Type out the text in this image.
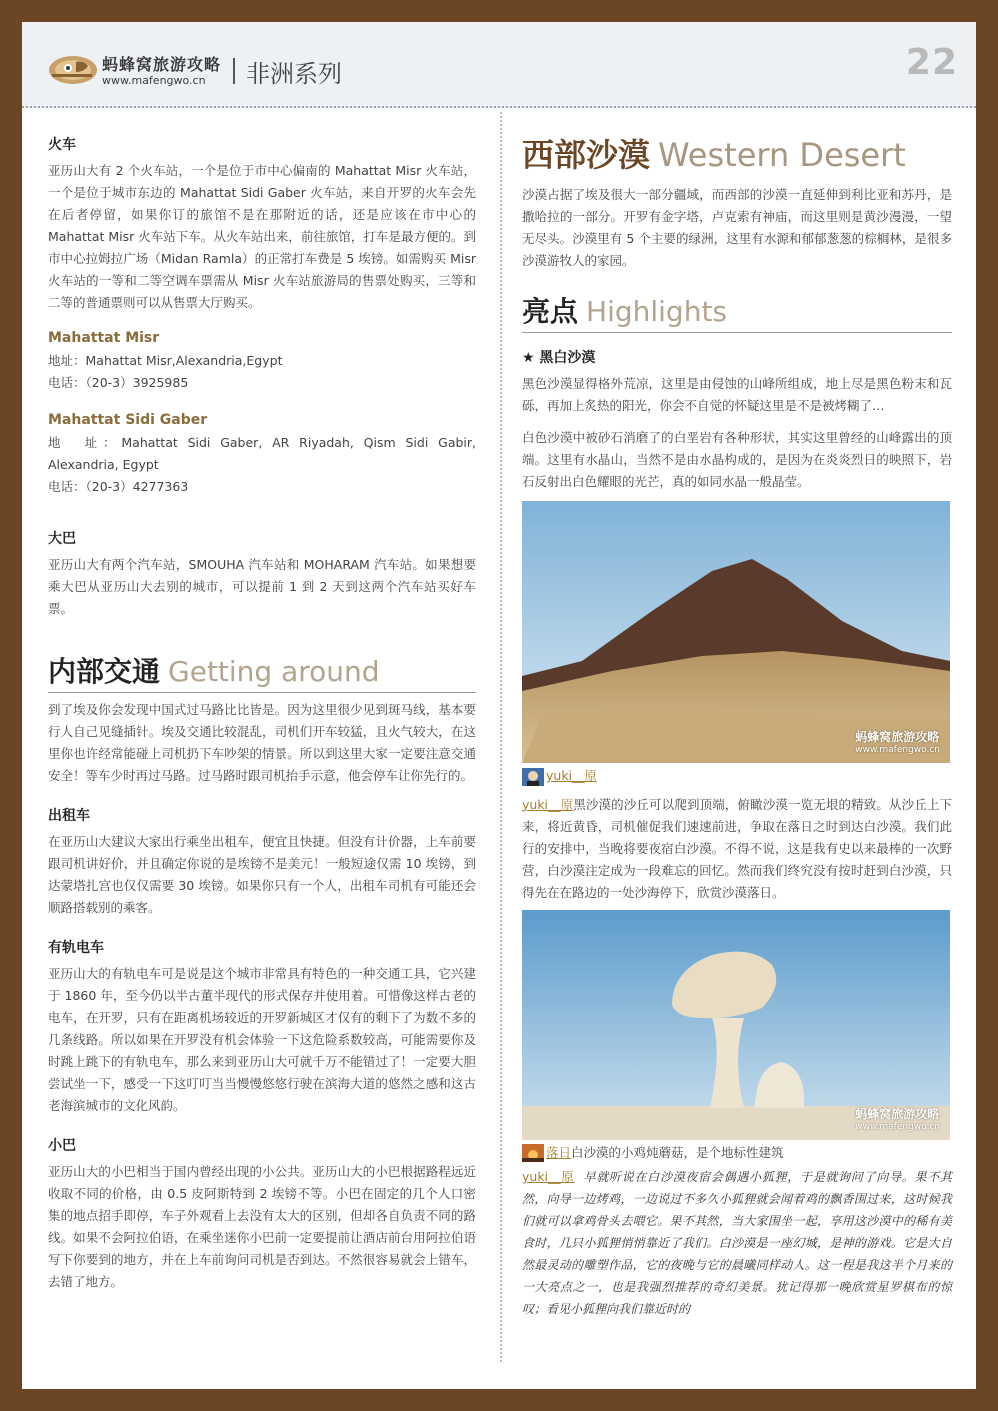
蚂蜂窝旅游攻略
www.mafengwo.cn 非洲系列	22

火车

亚历山大有 2 个火车站，一个是位于市中心偏南的 Mahattat Misr 火车站，一个是位于城市东边的 Mahattat Sidi Gaber 火车站，来自开罗的火车会先在后者停留，如果你订的旅馆不是在那附近的话，还是应该在市中心的 Mahattat Misr 火车站下车。从火车站出来，前往旅馆，打车是最方便的。到市中心拉姆拉广场（Midan Ramla）的正常打车费是 5 埃镑。如需购买 Misr 火车站的一等和二等空调车票需从 Misr 火车站旅游局的售票处购买，三等和二等的普通票则可以从售票大厅购买。

Mahattat Misr

地址：Mahattat Misr,Alexandria,Egypt

电话：（20-3）3925985

Mahattat Sidi Gaber

地　址：Mahattat Sidi Gaber, AR Riyadah, Qism Sidi Gabir, Alexandria, Egypt

电话：（20-3）4277363

大巴

亚历山大有两个汽车站，SMOUHA 汽车站和 MOHARAM 汽车站。如果想要乘大巴从亚历山大去别的城市，可以提前 1 到 2 天到这两个汽车站买好车票。

内部交通 Getting around

到了埃及你会发现中国式过马路比比皆是。因为这里很少见到斑马线，基本要行人自己见缝插针。埃及交通比较混乱，司机们开车较猛，且火气较大，在这里你也许经常能碰上司机扔下车吵架的情景。所以到这里大家一定要注意交通安全！等车少时再过马路。过马路时跟司机抬手示意，他会停车让你先行的。

出租车

在亚历山大建议大家出行乘坐出租车，便宜且快捷。但没有计价器，上车前要跟司机讲好价，并且确定你说的是埃镑不是美元！一般短途仅需 10 埃镑，到达蒙塔扎宫也仅仅需要 30 埃镑。如果你只有一个人，出租车司机有可能还会顺路搭载别的乘客。

有轨电车

亚历山大的有轨电车可是说是这个城市非常具有特色的一种交通工具，它兴建于 1860 年，至今仍以半古董半现代的形式保存并使用着。可惜像这样古老的电车，在开罗，只有在距离机场较近的开罗新城区才仅有的剩下了为数不多的几条线路。所以如果在开罗没有机会体验一下这危险系数较高，可能需要你及时跳上跳下的有轨电车，那么来到亚历山大可就千万不能错过了！一定要大胆尝试坐一下，感受一下这叮叮当当慢慢悠悠行驶在滨海大道的悠然之感和这古老海滨城市的文化风韵。

小巴

亚历山大的小巴相当于国内曾经出现的小公共。亚历山大的小巴根据路程远近收取不同的价格，由 0.5 皮阿斯特到 2 埃镑不等。小巴在固定的几个人口密集的地点招手即停，车子外观看上去没有太大的区别，但却各自负责不同的路线。如果不会阿拉伯语，在乘坐迷你小巴前一定要提前让酒店前台用阿拉伯语写下你要到的地方，并在上车前询问司机是否到达。不然很容易就会上错车，去错了地方。

西部沙漠 Western Desert

沙漠占据了埃及很大一部分疆域，而西部的沙漠一直延伸到利比亚和苏丹，是撒哈拉的一部分。开罗有金字塔，卢克索有神庙，而这里则是黄沙漫漫，一望无尽头。沙漠里有 5 个主要的绿洲，这里有水源和郁郁葱葱的棕榈林，是很多沙漠游牧人的家园。

亮点 Highlights

★ 黑白沙漠

黑色沙漠显得格外荒凉，这里是由侵蚀的山峰所组成，地上尽是黑色粉末和瓦砾，再加上炙热的阳光，你会不自觉的怀疑这里是不是被烤糊了…

白色沙漠中被砂石消磨了的白垩岩有各种形状，其实这里曾经的山峰露出的顶端。这里有水晶山，当然不是由水晶构成的，是因为在炎炎烈日的映照下，岩石反射出白色耀眼的光芒，真的如同水晶一般晶莹。

蚂蜂窝旅游攻略
www.mafengwo.cn

yuki__原

yuki__原黑沙漠的沙丘可以爬到顶端，俯瞰沙漠一览无垠的精致。从沙丘上下来，将近黄昏，司机催促我们速速前进，争取在落日之时到达白沙漠。我们此行的安排中，当晚将要夜宿白沙漠。不得不说，这是我有史以来最棒的一次野营，白沙漠注定成为一段难忘的回忆。然而我们终究没有按时赶到白沙漠，只得先在在路边的一处沙海停下，欣赏沙漠落日。

蚂蜂窝旅游攻略
www.mafengwo.cn

落日白沙漠的小鸡炖蘑菇，是个地标性建筑

yuki__原 早就听说在白沙漠夜宿会偶遇小狐狸，于是就询问了向导。果不其然，向导一边烤鸡，一边说过不多久小狐狸就会闻着鸡的飘香围过来，这时候我们就可以拿鸡骨头去喂它。果不其然，当大家围坐一起，享用这沙漠中的稀有美食时，几只小狐狸悄悄靠近了我们。白沙漠是一座幻城，是神的游戏。它是大自然最灵动的雕塑作品，它的夜晚与它的晨曦同样动人。这一程是我这半个月来的一大亮点之一，也是我强烈推荐的奇幻美景。犹记得那一晚欣赏星罗棋布的惊叹；看见小狐狸向我们靠近时的
